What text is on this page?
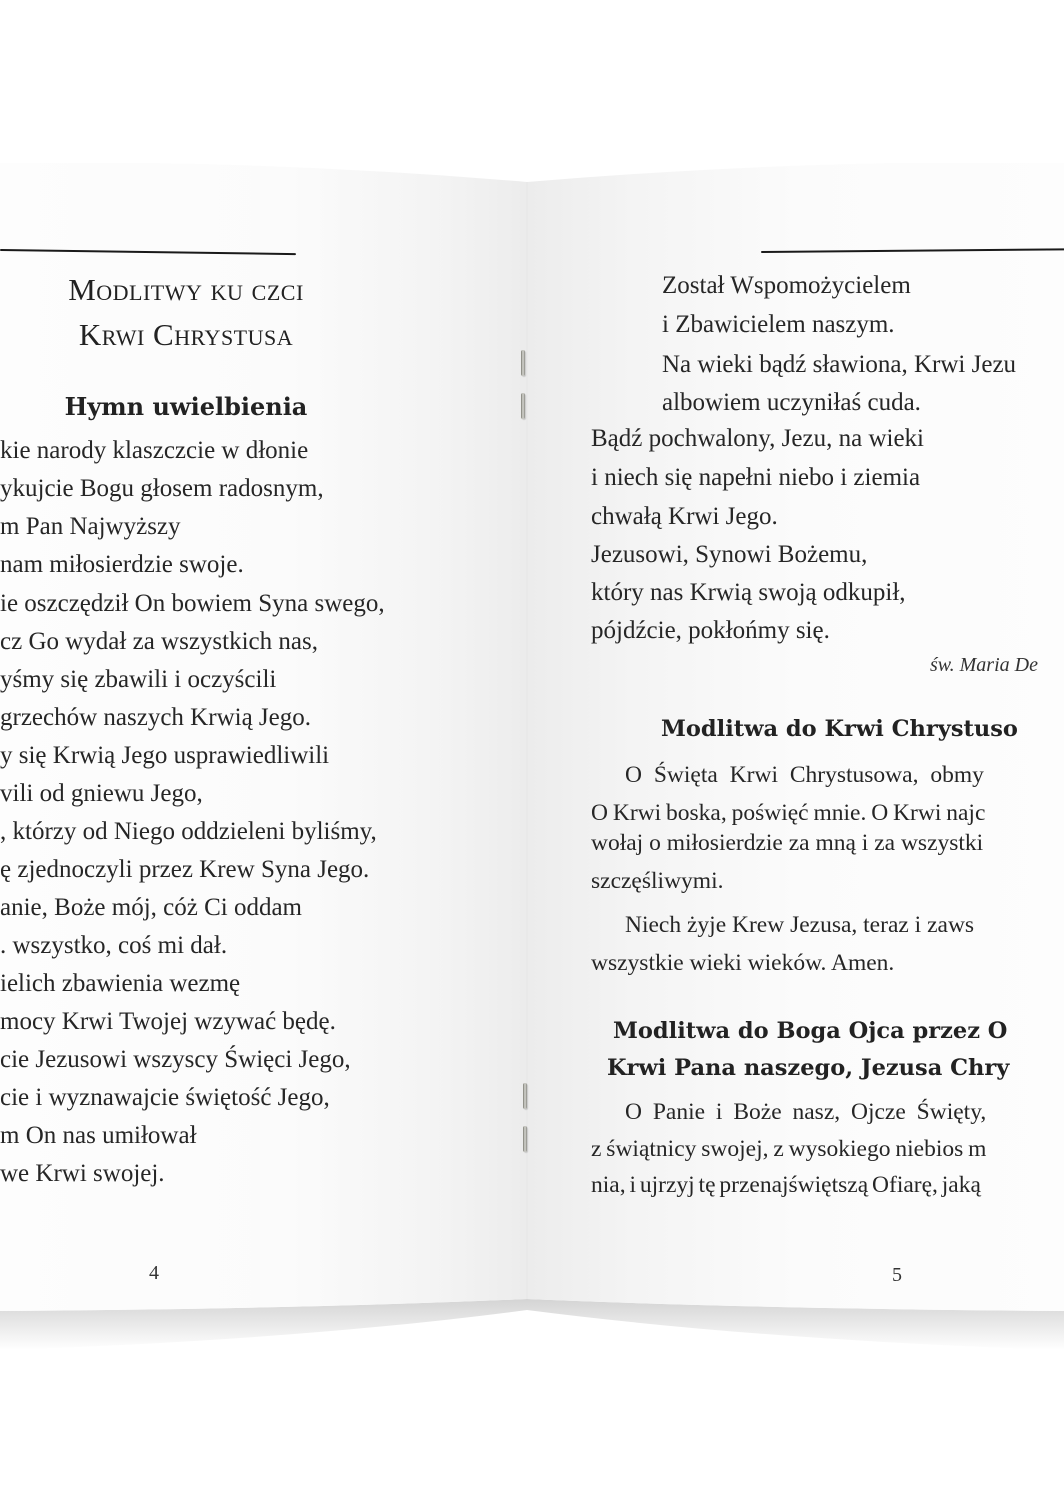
Modlitwy ku czci
Krwi Chrystusa
Hymn uwielbienia
kie narody klaszczcie w dłonie
ykujcie Bogu głosem radosnym,
m Pan Najwyższy
nam miłosierdzie swoje.
ie oszczędził On bowiem Syna swego,
cz Go wydał za wszystkich nas,
yśmy się zbawili i oczyścili
grzechów naszych Krwią Jego.
y się Krwią Jego usprawiedliwili
vili od gniewu Jego,
, którzy od Niego oddzieleni byliśmy,
ę zjednoczyli przez Krew Syna Jego.
anie, Boże mój, cóż Ci oddam
. wszystko, coś mi dał.
ielich zbawienia wezmę
mocy Krwi Twojej wzywać będę.
cie Jezusowi wszyscy Święci Jego,
cie i wyznawajcie świętość Jego,
m On nas umiłował
we Krwi swojej.
4
Został Wspomożycielem
i Zbawicielem naszym.
Na wieki bądź sławiona, Krwi Jezu
albowiem uczyniłaś cuda.
Bądź pochwalony, Jezu, na wieki
i niech się napełni niebo i ziemia
chwałą Krwi Jego.
Jezusowi, Synowi Bożemu,
który nas Krwią swoją odkupił,
pójdźcie, pokłońmy się.
św. Maria De
Modlitwa do Krwi Chrystuso
O Święta Krwi Chrystusowa, obmy
O Krwi boska, poświęć mnie. O Krwi najc
wołaj o miłosierdzie za mną i za wszystki
szczęśliwymi.
Niech żyje Krew Jezusa, teraz i zaws
wszystkie wieki wieków. Amen.
Modlitwa do Boga Ojca przez O
Krwi Pana naszego, Jezusa Chry
O Panie i Boże nasz, Ojcze Święty,
z świątnicy swojej, z wysokiego niebios m
nia, i ujrzyj tę przenajświętszą Ofiarę, jaką
5
